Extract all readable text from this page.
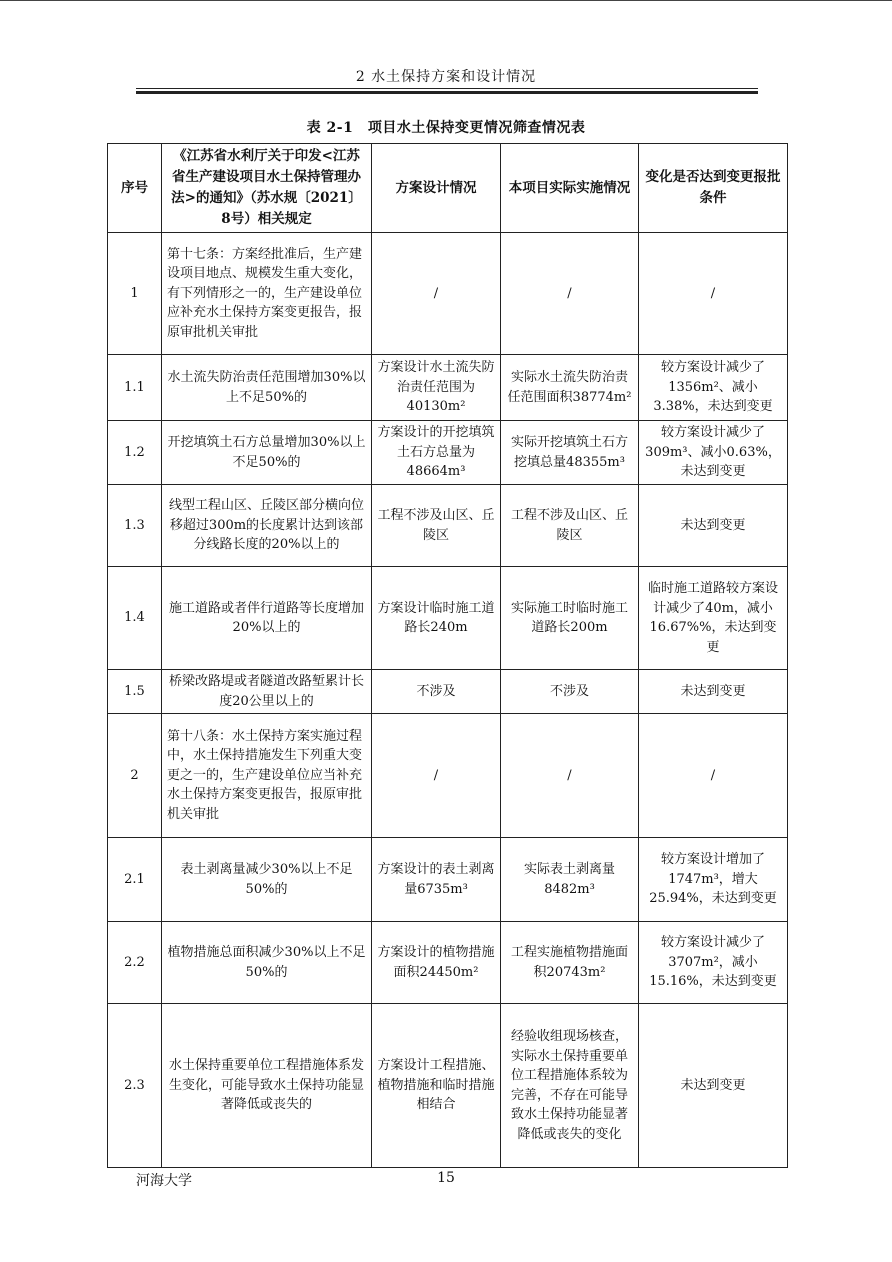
2 水土保持方案和设计情况
表 2-1　项目水土保持变更情况筛查情况表
序号	《江苏省水利厅关于印发<江苏省生产建设项目水土保持管理办法>的通知》（苏水规〔2021〕8号）相关规定	方案设计情况	本项目实际实施情况	变化是否达到变更报批条件
1	第十七条：方案经批准后，生产建设项目地点、规模发生重大变化，有下列情形之一的，生产建设单位应补充水土保持方案变更报告，报原审批机关审批	/	/	/
1.1	水土流失防治责任范围增加30%以上不足50%的	方案设计水土流失防治责任范围为40130m²	实际水土流失防治责任范围面积38774m²	较方案设计减少了1356m²、减小3.38%，未达到变更
1.2	开挖填筑土石方总量增加30%以上不足50%的	方案设计的开挖填筑土石方总量为48664m³	实际开挖填筑土石方挖填总量48355m³	较方案设计减少了309m³、减小0.63%，未达到变更
1.3	线型工程山区、丘陵区部分横向位移超过300m的长度累计达到该部分线路长度的20%以上的	工程不涉及山区、丘陵区	工程不涉及山区、丘陵区	未达到变更
1.4	施工道路或者伴行道路等长度增加20%以上的	方案设计临时施工道路长240m	实际施工时临时施工道路长200m	临时施工道路较方案设计减少了40m，减小16.67%%，未达到变更
1.5	桥梁改路堤或者隧道改路堑累计长度20公里以上的	不涉及	不涉及	未达到变更
2	第十八条：水土保持方案实施过程中，水土保持措施发生下列重大变更之一的，生产建设单位应当补充水土保持方案变更报告，报原审批机关审批	/	/	/
2.1	表土剥离量减少30%以上不足50%的	方案设计的表土剥离量6735m³	实际表土剥离量8482m³	较方案设计增加了1747m³，增大25.94%，未达到变更
2.2	植物措施总面积减少30%以上不足50%的	方案设计的植物措施面积24450m²	工程实施植物措施面积20743m²	较方案设计减少了3707m²，减小15.16%，未达到变更
2.3	水土保持重要单位工程措施体系发生变化，可能导致水土保持功能显著降低或丧失的	方案设计工程措施、植物措施和临时措施相结合	经验收组现场核查，实际水土保持重要单位工程措施体系较为完善，不存在可能导致水土保持功能显著降低或丧失的变化	未达到变更
河海大学	15
